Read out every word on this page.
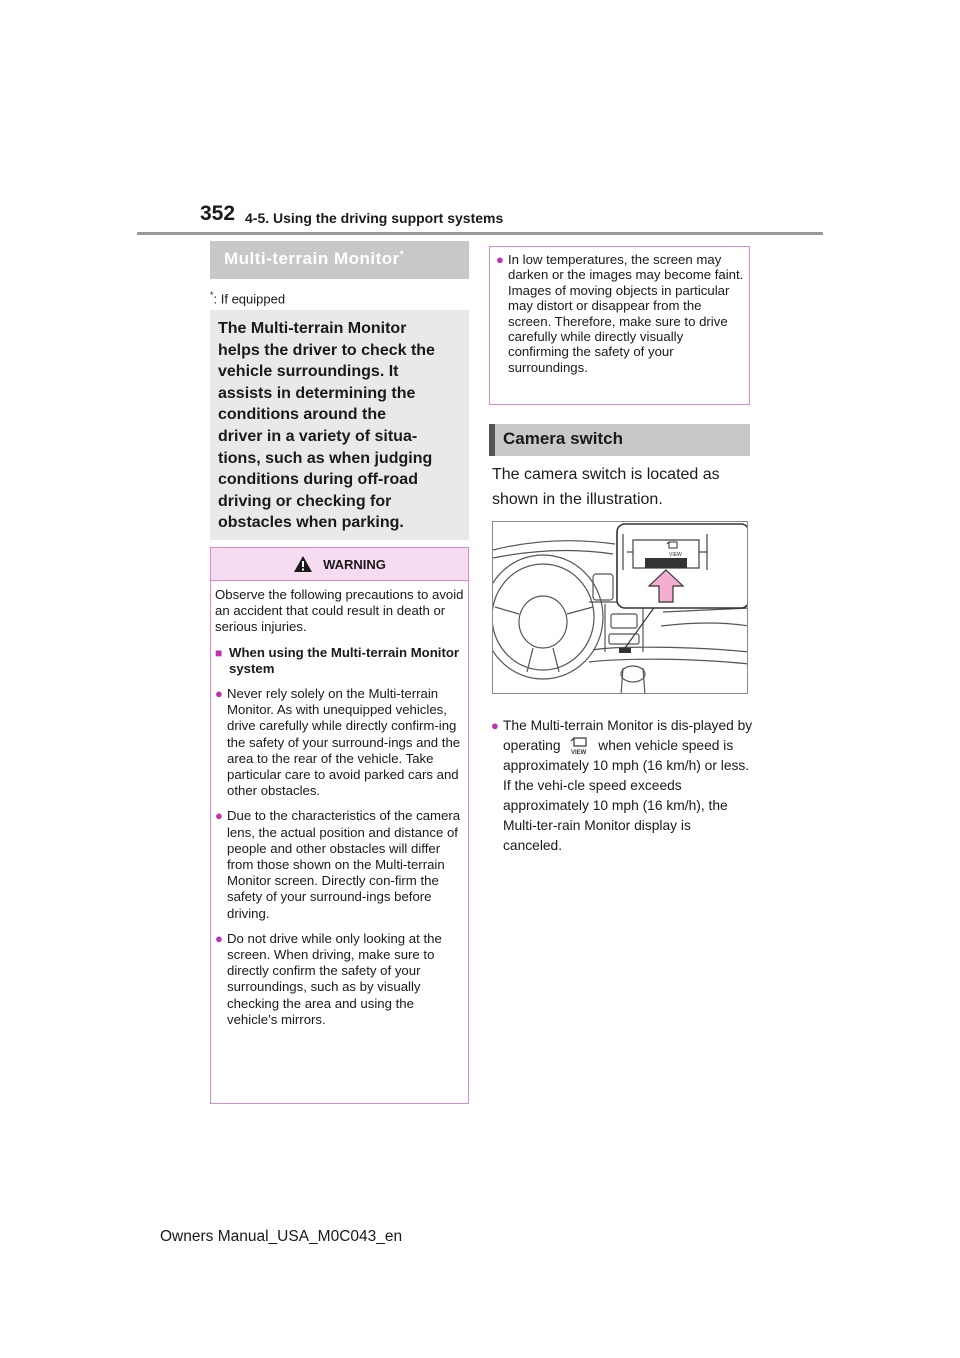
352 4-5. Using the driving support systems
Multi-terrain Monitor*
*: If equipped
The Multi-terrain Monitor
helps the driver to check the
vehicle surroundings. It
assists in determining the
conditions around the
driver in a variety of situa-
tions, such as when judging
conditions during off-road
driving or checking for
obstacles when parking.
WARNING

Observe the following precautions to avoid an accident that could result in death or serious injuries.

■ When using the Multi-terrain Monitor system
● Never rely solely on the Multi-terrain Monitor. As with unequipped vehicles, drive carefully while directly confirm-ing the safety of your surround-ings and the area to the rear of the vehicle. Take particular care to avoid parked cars and other obstacles.
● Due to the characteristics of the camera lens, the actual position and distance of people and other obstacles will differ from those shown on the Multi-terrain Monitor screen. Directly con-firm the safety of your surround-ings before driving.
● Do not drive while only looking at the screen. When driving, make sure to directly confirm the safety of your surroundings, such as by visually checking the area and using the vehicle’s mirrors.
● In low temperatures, the screen may darken or the images may become faint. Images of moving objects in particular may distort or disappear from the screen. Therefore, make sure to drive carefully while directly visually confirming the safety of your surroundings.
Camera switch
The camera switch is located as shown in the illustration.
VIEW
● The Multi-terrain Monitor is dis-played by operating VIEW when vehicle speed is approximately 10 mph (16 km/h) or less. If the vehi-cle speed exceeds approximately 10 mph (16 km/h), the Multi-ter-rain Monitor display is canceled.
Owners Manual_USA_M0C043_en
